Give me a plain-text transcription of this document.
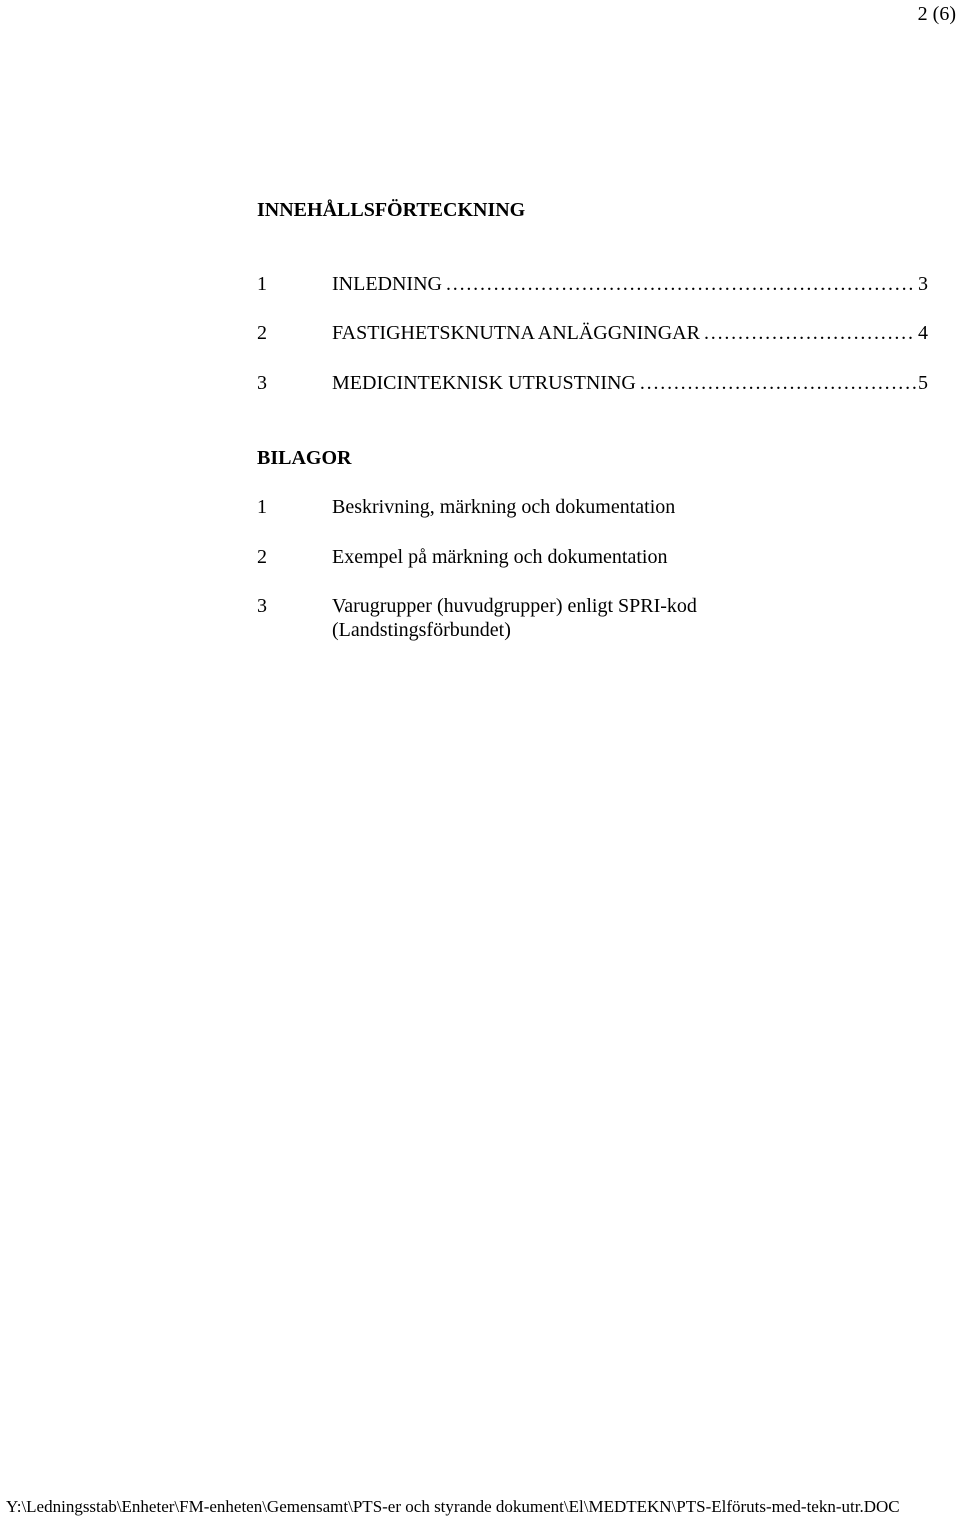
2 (6)
INNEHÅLLSFÖRTECKNING
1	INLEDNING . . .	3
2	FASTIGHETSKNUTNA ANLÄGGNINGAR . . .	4
3	MEDICINTEKNISK UTRUSTNING . . .	5
BILAGOR
1	Beskrivning, märkning och dokumentation
2	Exempel på märkning och dokumentation
3	Varugrupper (huvudgrupper) enligt SPRI-kod
(Landstingsförbundet)
Y:\Ledningsstab\Enheter\FM-enheten\Gemensamt\PTS-er och styrande dokument\El\MEDTEKN\PTS-Elföruts-med-tekn-utr.DOC
